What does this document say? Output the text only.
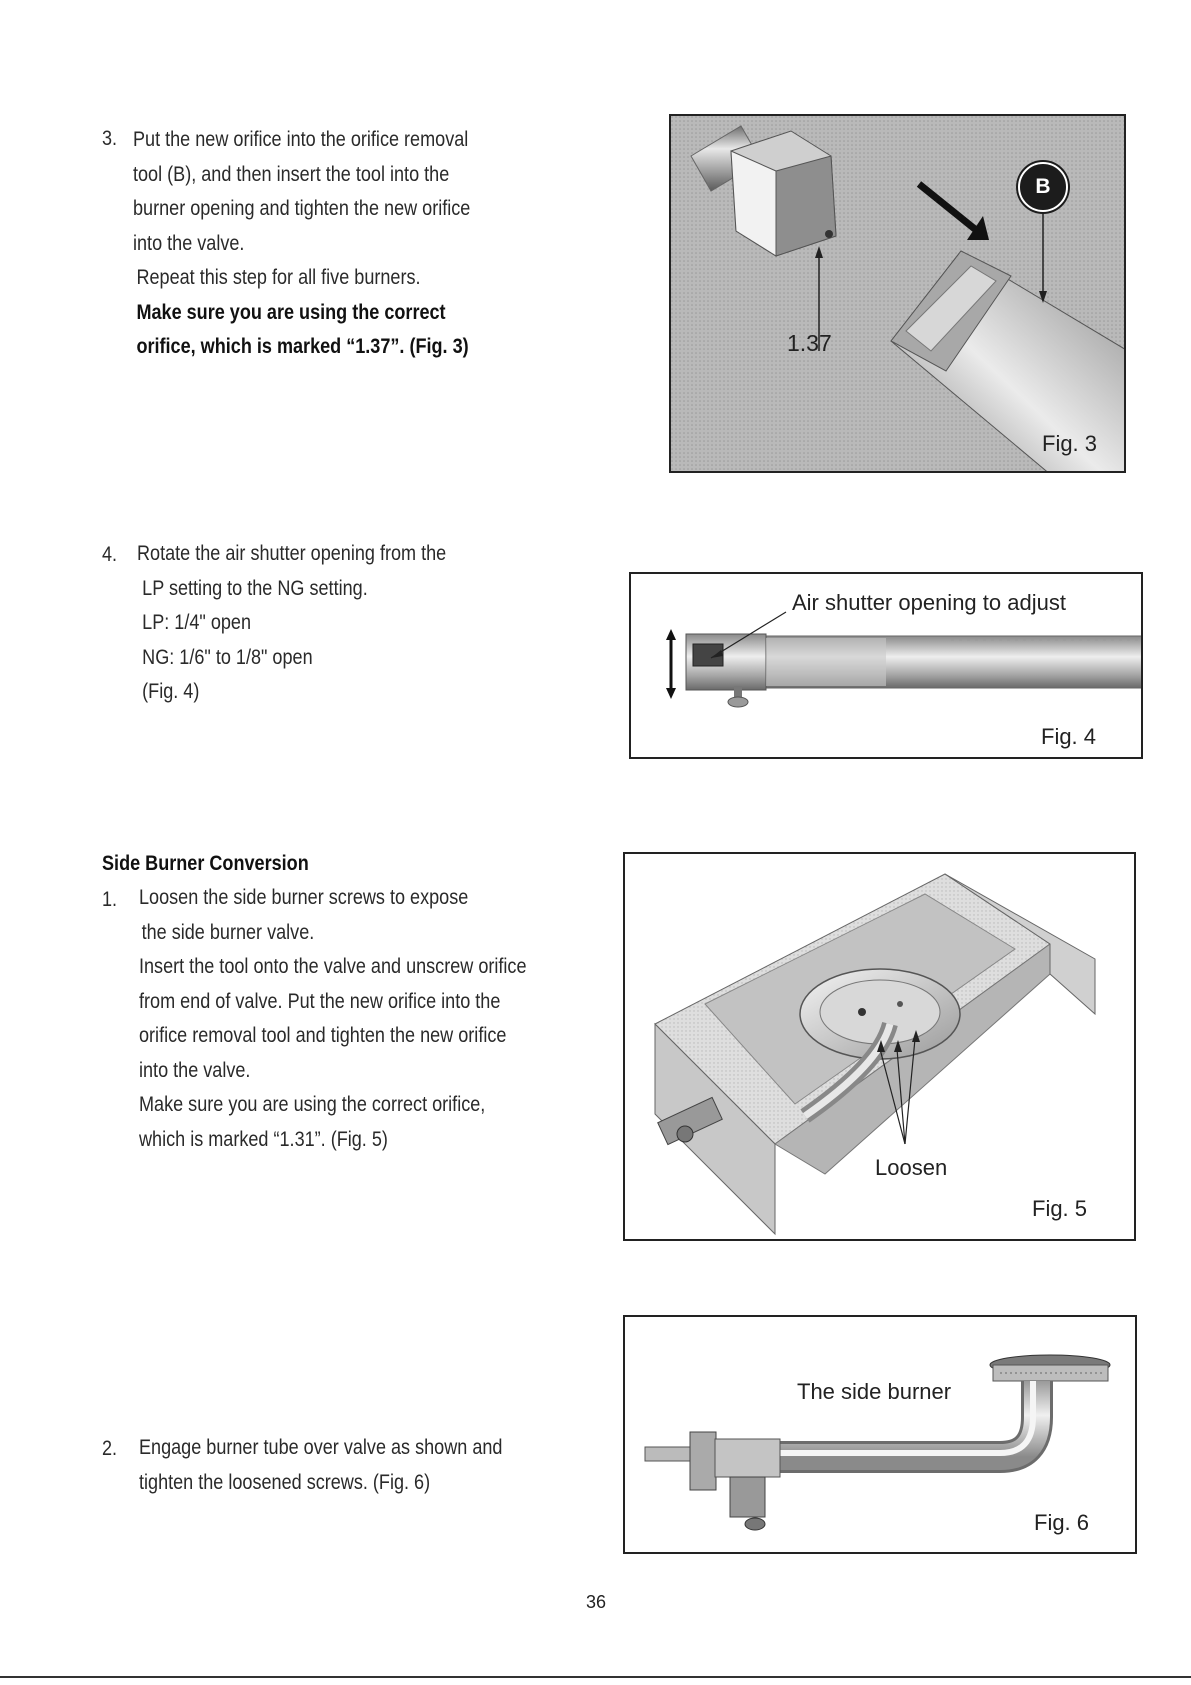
3. Put the new orifice into the orifice removal
tool (B), and then insert the tool into the
burner opening and tighten the new orifice
into the valve.
Repeat this step for all five burners.
Make sure you are using the correct
orifice, which is marked “1.37”. (Fig. 3)
B
1.37
Fig. 3
4. Rotate the air shutter opening from the
LP setting to the NG setting.
LP: 1/4" open
NG: 1/6" to 1/8" open
(Fig. 4)
Air shutter opening to adjust
Fig. 4
Side Burner Conversion
1. Loosen the side burner screws to expose
the side burner valve.
Insert the tool onto the valve and unscrew orifice
from end of valve. Put the new orifice into the
orifice removal tool and tighten the new orifice
into the valve.
Make sure you are using the correct orifice,
which is marked “1.31”. (Fig. 5)
Loosen
Fig. 5
2. Engage burner tube over valve as shown and
tighten the loosened screws. (Fig. 6)
The side burner
Fig. 6
36
